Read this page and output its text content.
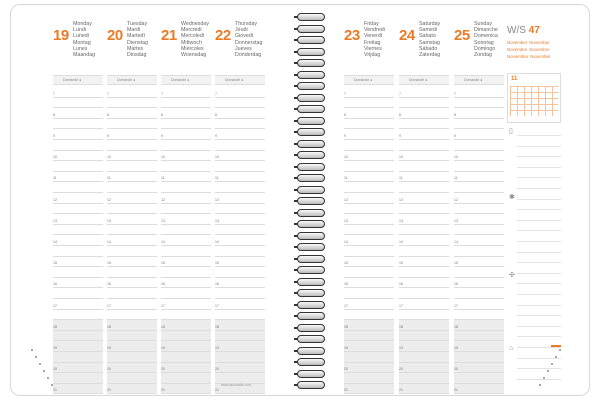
19
Monday
Lundi
Lunedì
Montag
Lunes
Maandag
Domande ●
7
8
9
10
11
12
13
14
15
16
17
18
19
20
21
20
Tuesday
Mardi
Martedì
Dienstag
Martes
Dinsdag
Domande ●
7
8
9
10
11
12
13
14
15
16
17
18
19
20
21
21
Wednesday
Mercredi
Mercoledì
Mittwoch
Miércoles
Woensdag
Domande ●
7
8
9
10
11
12
13
14
15
16
17
18
19
20
21
22
Thursday
Jeudi
Giovedì
Donnerstag
Jueves
Donderdag
Domande ●
7
8
9
10
11
12
13
14
15
16
17
18
19
20
21
23
Friday
Vendredi
Venerdì
Freitag
Viernes
Vrijdag
Domande ●
7
8
9
10
11
12
13
14
15
16
17
18
19
20
21
24
Saturday
Samedi
Sabato
Samstag
Sábado
Zaterdag
Domande ●
7
8
9
10
11
12
13
14
15
16
17
18
19
20
21
25
Sunday
Dimanche
Domenica
Sonntag
Domingo
Zondag
Domande ●
7
8
9
10
11
12
13
14
15
16
17
18
19
20
21
W/S 47
November November
Novembre Novembre
Noviembre November

11
▯
✱
✣
⌂
www.quovadis.com
